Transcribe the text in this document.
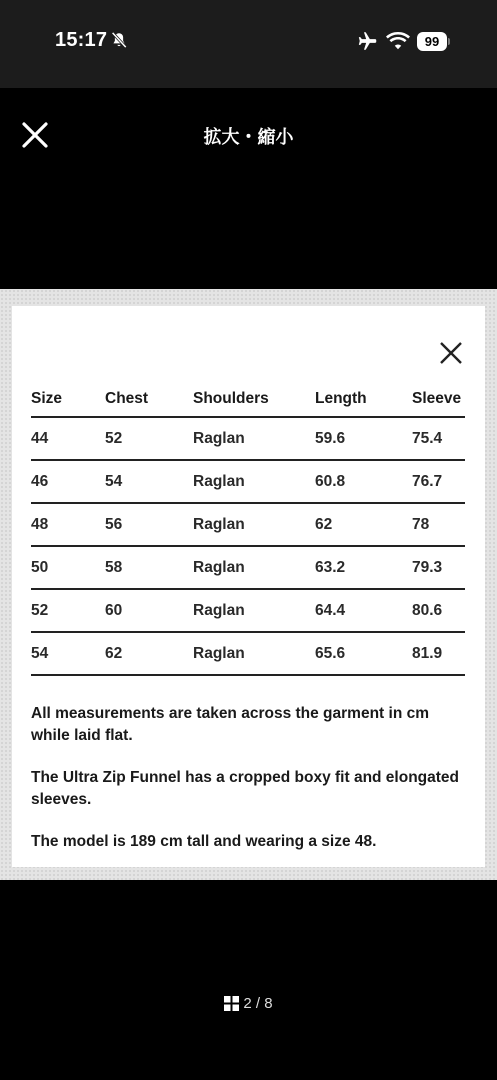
15:17	99
拡大・縮小
Size	Chest	Shoulders	Length	Sleeve
44	52	Raglan	59.6	75.4
46	54	Raglan	60.8	76.7
48	56	Raglan	62	78
50	58	Raglan	63.2	79.3
52	60	Raglan	64.4	80.6
54	62	Raglan	65.6	81.9

All measurements are taken across the garment in cm while laid flat.

The Ultra Zip Funnel has a cropped boxy fit and elongated sleeves.

The model is 189 cm tall and wearing a size 48.

2 / 8
